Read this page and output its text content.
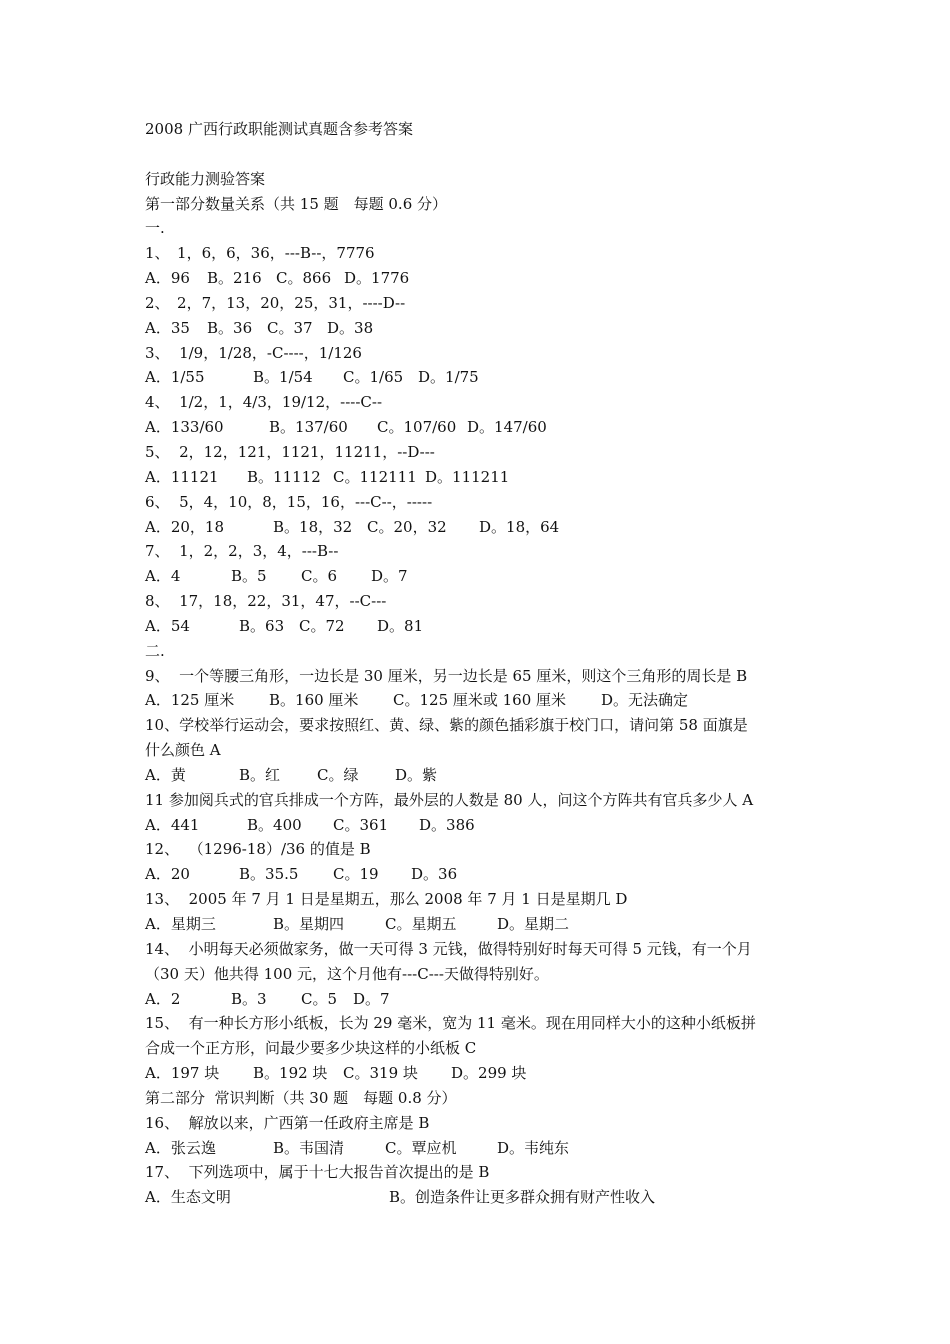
2008 广西行政职能测试真题含参考答案
行政能力测验答案
第一部分数量关系（共 15 题　每题 0.6 分）
一.
1、　1，6，6，36，---B--，7776
A．96	B。216 C。866 D。1776
2、　2，7，13，20，25，31，----D--
A．35	B。36 C。37 D。38
3、  1/9，1/28，-C----，1/126
A．1/55	B。1/54	C。1/65 D。1/75
4、  1/2，1，4/3，19/12，----C--
A．133/60	B。137/60	C。107/60 D。147/60
5、  2，12，121，1121，11211，--D---
A．11121	B。11112 C。112111 D。111211
6、  5，4，10，8，15，16，---C--，-----
A．20，18	B。18，32 C。20，32	D。18，64
7、  1，2，2，3，4，---B--
A．4	B。5	C。6	D。7
8、  17，18，22，31，47，--C---
A．54	B。63 C。72	D。81
二.
9、  一个等腰三角形，一边长是 30 厘米，另一边长是 65 厘米，则这个三角形的周长是 B
A．125 厘米	B。160 厘米	C。125 厘米或 160 厘米	D。无法确定
10、学校举行运动会，要求按照红、黄、绿、紫的颜色插彩旗于校门口，请问第 58 面旗是
什么颜色 A
A．黄	B。红	C。绿	D。紫
11 参加阅兵式的官兵排成一个方阵，最外层的人数是 80 人，问这个方阵共有官兵多少人 A
A．441	B。400	C。361	D。386
12、  （1296-18）/36 的值是 B
A．20	B。35.5	C。19	D。36
13、  2005 年 7 月 1 日是星期五，那么 2008 年 7 月 1 日是星期几 D
A．星期三	B。星期四	C。星期五	D。星期二
14、  小明每天必须做家务，做一天可得 3 元钱，做得特别好时每天可得 5 元钱，有一个月
（30 天）他共得 100 元，这个月他有---C---天做得特别好。
A．2	B。3	C。5	D。7
15、  有一种长方形小纸板，长为 29 毫米，宽为 11 毫米。现在用同样大小的这种小纸板拼
合成一个正方形，问最少要多少块这样的小纸板 C
A．197 块	B。192 块	C。319 块	D。299 块
第二部分  常识判断（共 30 题　每题 0.8 分）
16、  解放以来，广西第一任政府主席是 B
A．张云逸	B。韦国清	C。覃应机	D。韦纯东
17、  下列选项中，属于十七大报告首次提出的是 B
A．生态文明	B。创造条件让更多群众拥有财产性收入
